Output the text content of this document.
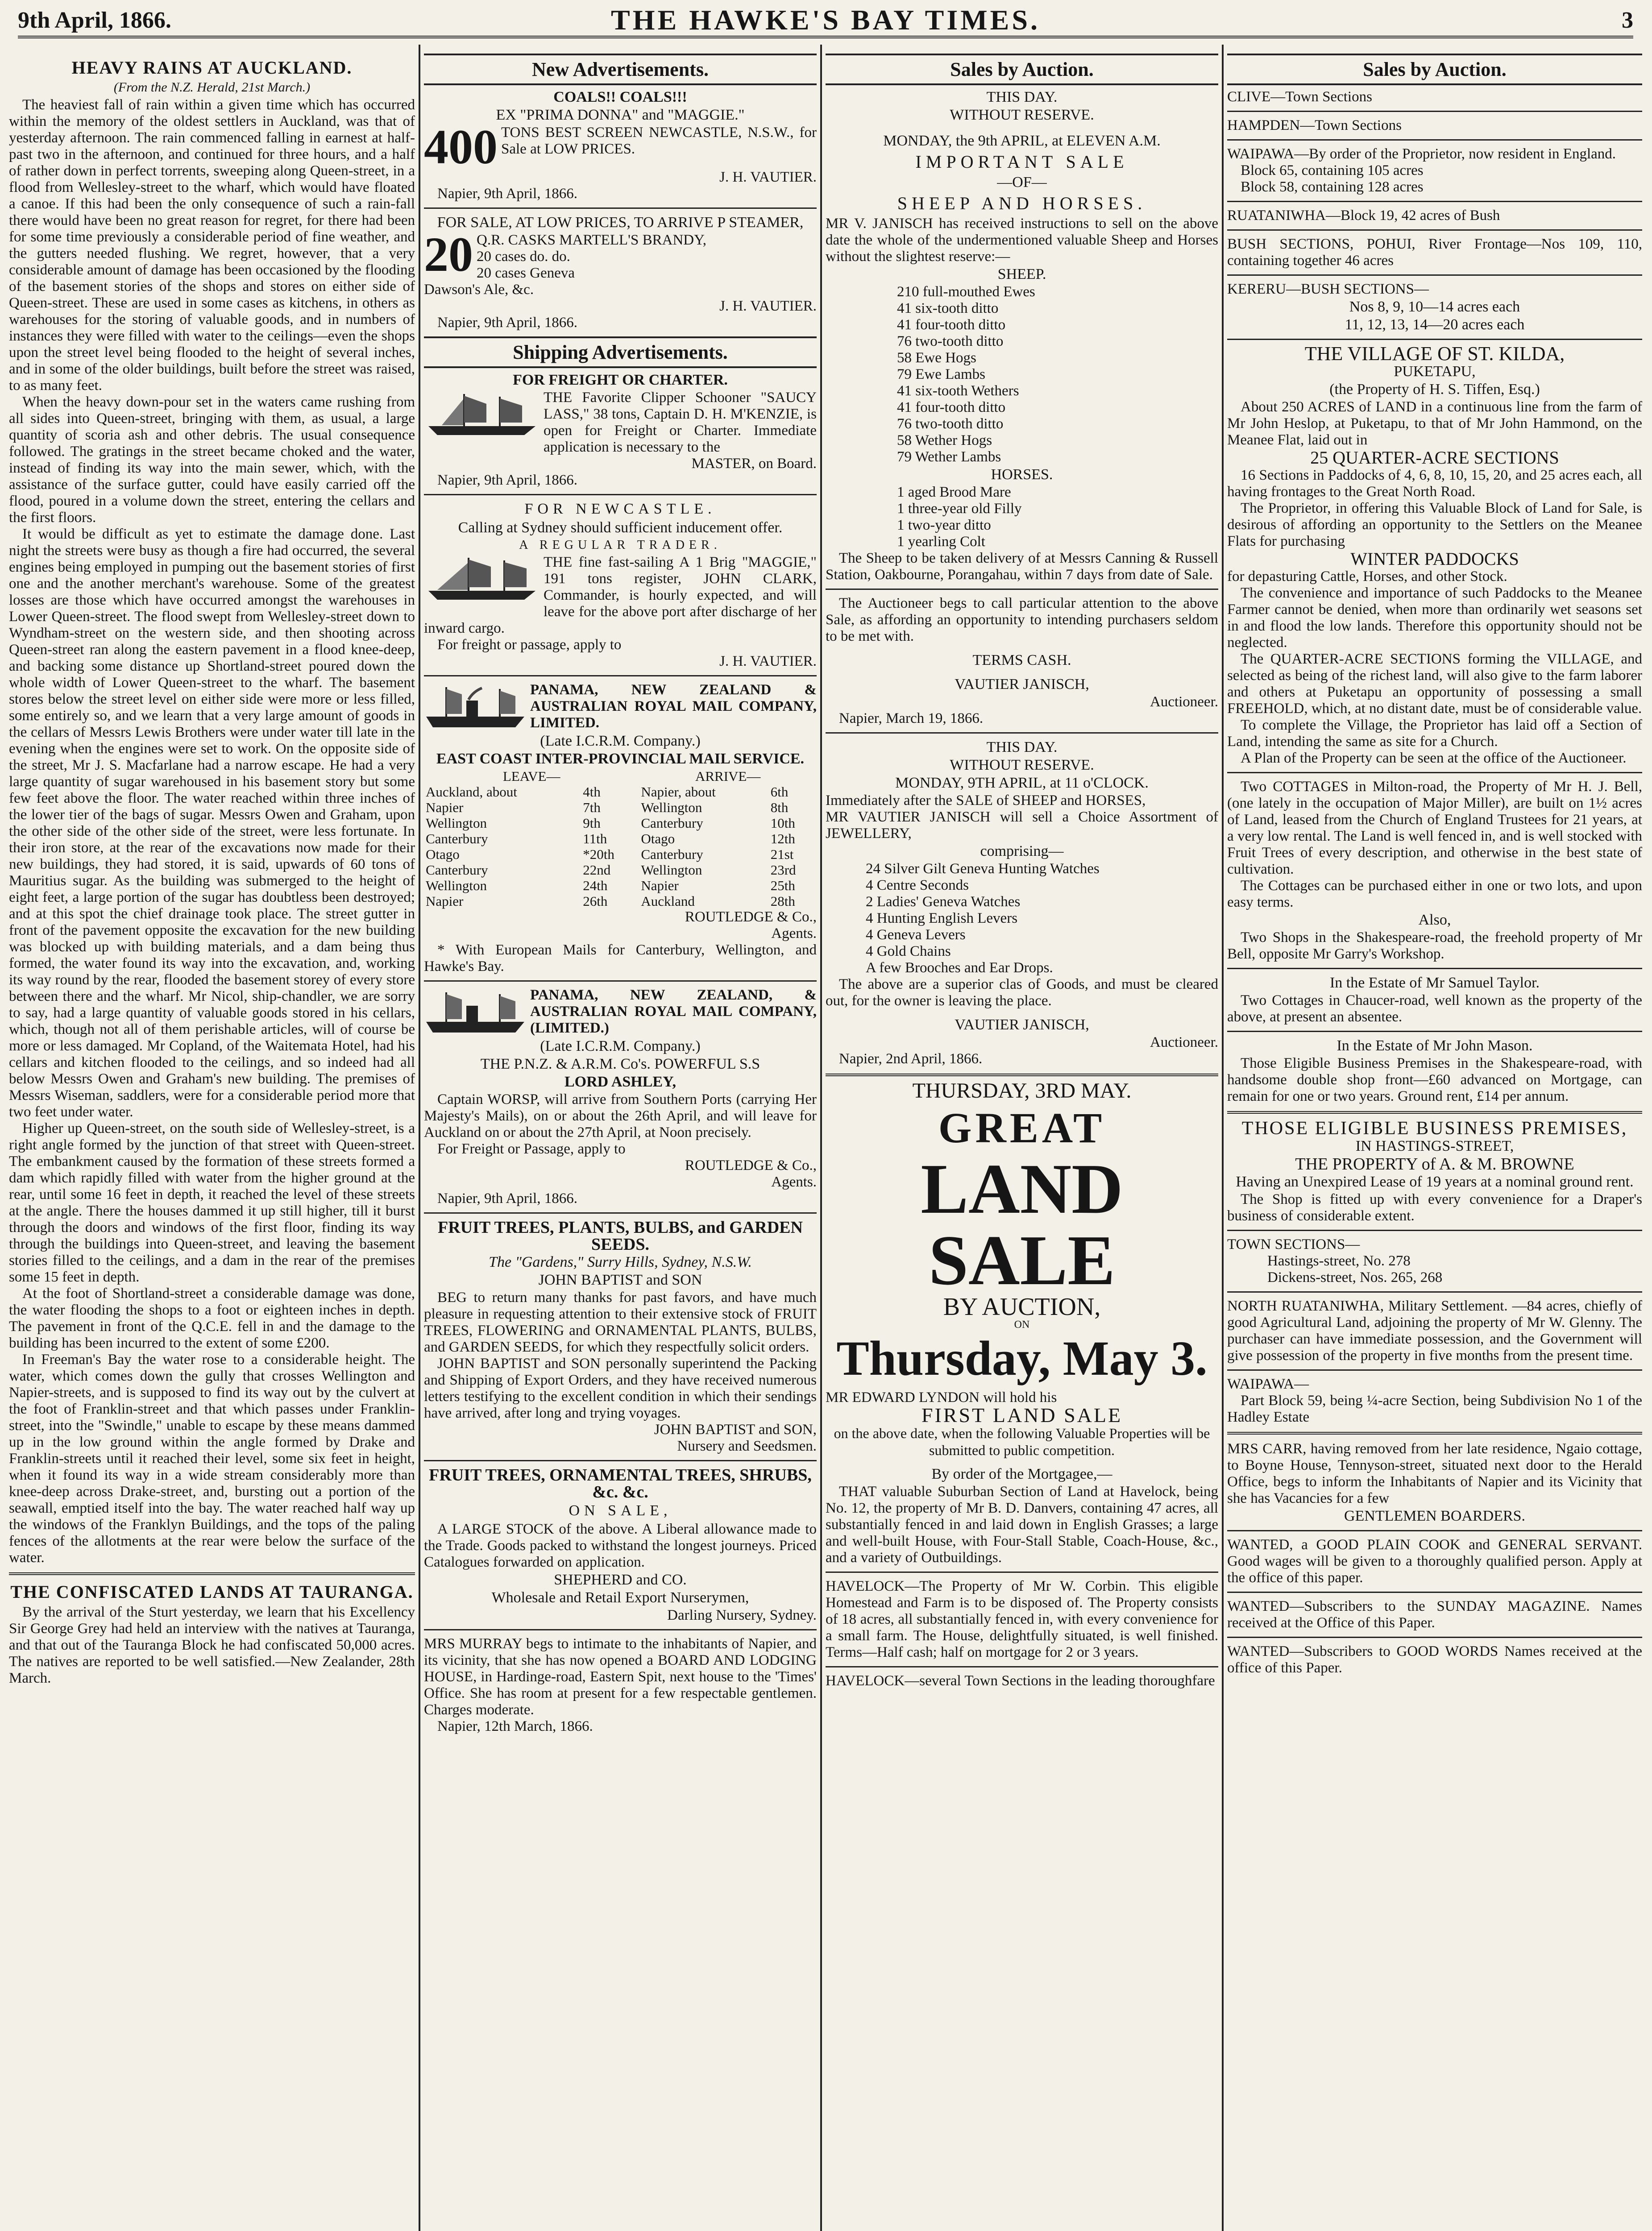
9th April, 1866.	THE HAWKE'S BAY TIMES.	3
HEAVY RAINS AT AUCKLAND.
(From the N.Z. Herald, 21st March.)

The heaviest fall of rain within a given time which has occurred within the memory of the oldest settlers in Auckland, was that of yesterday afternoon. The rain commenced falling in earnest at half-past two in the afternoon, and continued for three hours, and a half of rather down in perfect torrents, sweeping along Queen-street, in a flood from Wellesley-street to the wharf, which would have floated a canoe. If this had been the only consequence of such a rain-fall there would have been no great reason for regret, for there had been for some time previously a considerable period of fine weather, and the gutters needed flushing. We regret, however, that a very considerable amount of damage has been occasioned by the flooding of the basement stories of the shops and stores on either side of Queen-street. These are used in some cases as kitchens, in others as warehouses for the storing of valuable goods, and in numbers of instances they were filled with water to the ceilings—even the shops upon the street level being flooded to the height of several inches, and in some of the older buildings, built before the street was raised, to as many feet.

When the heavy down-pour set in the waters came rushing from all sides into Queen-street, bringing with them, as usual, a large quantity of scoria ash and other debris. The usual consequence followed. The gratings in the street became choked and the water, instead of finding its way into the main sewer, which, with the assistance of the surface gutter, could have easily carried off the flood, poured in a volume down the street, entering the cellars and the first floors.

It would be difficult as yet to estimate the damage done. Last night the streets were busy as though a fire had occurred, the several engines being employed in pumping out the basement stories of first one and the another merchant's warehouse. Some of the greatest losses are those which have occurred amongst the warehouses in Lower Queen-street. The flood swept from Wellesley-street down to Wyndham-street on the western side, and then shooting across Queen-street ran along the eastern pavement in a flood knee-deep, and backing some distance up Shortland-street poured down the whole width of Lower Queen-street to the wharf. The basement stores below the street level on either side were more or less filled, some entirely so, and we learn that a very large amount of goods in the cellars of Messrs Lewis Brothers were under water till late in the evening when the engines were set to work. On the opposite side of the street, Mr J. S. Macfarlane had a narrow escape. He had a very large quantity of sugar warehoused in his basement story but some few feet above the floor. The water reached within three inches of the lower tier of the bags of sugar. Messrs Owen and Graham, upon the other side of the other side of the street, were less fortunate. In their iron store, at the rear of the excavations now made for their new buildings, they had stored, it is said, upwards of 60 tons of Mauritius sugar. As the building was submerged to the height of eight feet, a large portion of the sugar has doubtless been destroyed; and at this spot the chief drainage took place. The street gutter in front of the pavement opposite the excavation for the new building was blocked up with building materials, and a dam being thus formed, the water found its way into the excavation, and, working its way round by the rear, flooded the basement storey of every store between there and the wharf. Mr Nicol, ship-chandler, we are sorry to say, had a large quantity of valuable goods stored in his cellars, which, though not all of them perishable articles, will of course be more or less damaged. Mr Copland, of the Waitemata Hotel, had his cellars and kitchen flooded to the ceilings, and so indeed had all below Messrs Owen and Graham's new building. The premises of Messrs Wiseman, saddlers, were for a considerable period more that two feet under water.

Higher up Queen-street, on the south side of Wellesley-street, is a right angle formed by the junction of that street with Queen-street. The embankment caused by the formation of these streets formed a dam which rapidly filled with water from the higher ground at the rear, until some 16 feet in depth, it reached the level of these streets at the angle. There the houses dammed it up still higher, till it burst through the doors and windows of the first floor, finding its way through the buildings into Queen-street, and leaving the basement stories filled to the ceilings, and a dam in the rear of the premises some 15 feet in depth.

At the foot of Shortland-street a considerable damage was done, the water flooding the shops to a foot or eighteen inches in depth. The pavement in front of the Q.C.E. fell in and the damage to the building has been incurred to the extent of some £200.

In Freeman's Bay the water rose to a considerable height. The water, which comes down the gully that crosses Wellington and Napier-streets, and is supposed to find its way out by the culvert at the foot of Franklin-street and that which passes under Franklin-street, into the "Swindle," unable to escape by these means dammed up in the low ground within the angle formed by Drake and Franklin-streets until it reached their level, some six feet in height, when it found its way in a wide stream considerably more than knee-deep across Drake-street, and, bursting out a portion of the seawall, emptied itself into the bay. The water reached half way up the windows of the Franklyn Buildings, and the tops of the paling fences of the allotments at the rear were below the surface of the water.

THE CONFISCATED LANDS AT TAURANGA.

By the arrival of the Sturt yesterday, we learn that his Excellency Sir George Grey had held an interview with the natives at Tauranga, and that out of the Tauranga Block he had confiscated 50,000 acres. The natives are reported to be well satisfied.—New Zealander, 28th March.

New Advertisements.

COALS!! COALS!!!

EX "PRIMA DONNA" and "MAGGIE."

400 TONS BEST SCREEN NEWCASTLE, N.S.W., for Sale at LOW PRICES.

J. H. VAUTIER.

Napier, 9th April, 1866.

FOR SALE, AT LOW PRICES, TO ARRIVE P STEAMER,

20 Q.R. CASKS MARTELL'S BRANDY,

20 cases do. do.

20 cases Geneva

Dawson's Ale, &c.

J. H. VAUTIER.

Napier, 9th April, 1866.

Shipping Advertisements.

FOR FREIGHT OR CHARTER.

THE Favorite Clipper Schooner "SAUCY LASS," 38 tons, Captain D. H. M'KENZIE, is open for Freight or Charter. Immediate application is necessary to the

MASTER, on Board.

Napier, 9th April, 1866.

FOR NEWCASTLE.

Calling at Sydney should sufficient inducement offer.

A REGULAR TRADER.

THE fine fast-sailing A 1 Brig "MAGGIE," 191 tons register, JOHN CLARK, Commander, is hourly expected, and will leave for the above port after discharge of her inward cargo.

For freight or passage, apply to

J. H. VAUTIER.

PANAMA, NEW ZEALAND & AUSTRALIAN ROYAL MAIL COMPANY, LIMITED.

(Late I.C.R.M. Company.)

EAST COAST INTER-PROVINCIAL MAIL SERVICE.

LEAVE—		ARRIVE—	
Auckland, about	4th	Napier, about	6th
Napier	7th	Wellington	8th
Wellington	9th	Canterbury	10th
Canterbury	11th	Otago	12th
Otago	*20th	Canterbury	21st
Canterbury	22nd	Wellington	23rd
Wellington	24th	Napier	25th
Napier	26th	Auckland	28th

ROUTLEDGE & Co.,

Agents.

* With European Mails for Canterbury, Wellington, and Hawke's Bay.

PANAMA, NEW ZEALAND, & AUSTRALIAN ROYAL MAIL COMPANY, (LIMITED.)

(Late I.C.R.M. Company.)

THE P.N.Z. & A.R.M. Co's. POWERFUL S.S

LORD ASHLEY,

Captain WORSP, will arrive from Southern Ports (carrying Her Majesty's Mails), on or about the 26th April, and will leave for Auckland on or about the 27th April, at Noon precisely.

For Freight or Passage, apply to

ROUTLEDGE & Co.,

Agents.

Napier, 9th April, 1866.

FRUIT TREES, PLANTS, BULBS, and GARDEN SEEDS.

The "Gardens," Surry Hills, Sydney, N.S.W.

JOHN BAPTIST and SON

BEG to return many thanks for past favors, and have much pleasure in requesting attention to their extensive stock of FRUIT TREES, FLOWERING and ORNAMENTAL PLANTS, BULBS, and GARDEN SEEDS, for which they respectfully solicit orders.

JOHN BAPTIST and SON personally superintend the Packing and Shipping of Export Orders, and they have received numerous letters testifying to the excellent condition in which their sendings have arrived, after long and trying voyages.

JOHN BAPTIST and SON,

Nursery and Seedsmen.

FRUIT TREES, ORNAMENTAL TREES, SHRUBS, &c. &c.

ON SALE,

A LARGE STOCK of the above. A Liberal allowance made to the Trade. Goods packed to withstand the longest journeys. Priced Catalogues forwarded on application.

SHEPHERD and CO.

Wholesale and Retail Export Nurserymen,

Darling Nursery, Sydney.

MRS MURRAY begs to intimate to the inhabitants of Napier, and its vicinity, that she has now opened a BOARD AND LODGING HOUSE, in Hardinge-road, Eastern Spit, next house to the 'Times' Office. She has room at present for a few respectable gentlemen. Charges moderate.

Napier, 12th March, 1866.

Sales by Auction.

THIS DAY.

WITHOUT RESERVE.

MONDAY, the 9th APRIL, at ELEVEN A.M.

IMPORTANT SALE

—OF—

SHEEP AND HORSES.

MR V. JANISCH has received instructions to sell on the above date the whole of the undermentioned valuable Sheep and Horses without the slightest reserve:—

SHEEP.

210 full-mouthed Ewes

41 six-tooth ditto

41 four-tooth ditto

76 two-tooth ditto

58 Ewe Hogs

79 Ewe Lambs

41 six-tooth Wethers

41 four-tooth ditto

76 two-tooth ditto

58 Wether Hogs

79 Wether Lambs

HORSES.

1 aged Brood Mare

1 three-year old Filly

1 two-year ditto

1 yearling Colt

The Sheep to be taken delivery of at Messrs Canning & Russell Station, Oakbourne, Porangahau, within 7 days from date of Sale.

The Auctioneer begs to call particular attention to the above Sale, as affording an opportunity to intending purchasers seldom to be met with.

TERMS CASH.

VAUTIER JANISCH,

Auctioneer.

Napier, March 19, 1866.

THIS DAY.

WITHOUT RESERVE.

MONDAY, 9TH APRIL, at 11 o'CLOCK.

Immediately after the SALE of SHEEP and HORSES,

MR VAUTIER JANISCH will sell a Choice Assortment of JEWELLERY,

comprising—

24 Silver Gilt Geneva Hunting Watches

4 Centre Seconds

2 Ladies' Geneva Watches

4 Hunting English Levers

4 Geneva Levers

4 Gold Chains

A few Brooches and Ear Drops.

The above are a superior clas of Goods, and must be cleared out, for the owner is leaving the place.

VAUTIER JANISCH,

Auctioneer.

Napier, 2nd April, 1866.

THURSDAY, 3RD MAY.

GREAT

LAND SALE

BY AUCTION,

ON

Thursday, May 3.

MR EDWARD LYNDON will hold his

FIRST LAND SALE

on the above date, when the following Valuable Properties will be submitted to public competition.

By order of the Mortgagee,—

THAT valuable Suburban Section of Land at Havelock, being No. 12, the property of Mr B. D. Danvers, containing 47 acres, all substantially fenced in and laid down in English Grasses; a large and well-built House, with Four-Stall Stable, Coach-House, &c., and a variety of Outbuildings.

HAVELOCK—The Property of Mr W. Corbin. This eligible Homestead and Farm is to be disposed of. The Property consists of 18 acres, all substantially fenced in, with every convenience for a small farm. The House, delightfully situated, is well finished. Terms—Half cash; half on mortgage for 2 or 3 years.

HAVELOCK—several Town Sections in the leading thoroughfare

Sales by Auction.

CLIVE—Town Sections

HAMPDEN—Town Sections

WAIPAWA—By order of the Proprietor, now resident in England.

Block 65, containing 105 acres

Block 58, containing 128 acres

RUATANIWHA—Block 19, 42 acres of Bush

BUSH SECTIONS, POHUI, River Frontage—Nos 109, 110, containing together 46 acres

KERERU—BUSH SECTIONS—

Nos 8, 9, 10—14 acres each

11, 12, 13, 14—20 acres each

THE VILLAGE OF ST. KILDA,

PUKETAPU,

(the Property of H. S. Tiffen, Esq.)

About 250 ACRES of LAND in a continuous line from the farm of Mr John Heslop, at Puketapu, to that of Mr John Hammond, on the Meanee Flat, laid out in

25 QUARTER-ACRE SECTIONS

16 Sections in Paddocks of 4, 6, 8, 10, 15, 20, and 25 acres each, all having frontages to the Great North Road.

The Proprietor, in offering this Valuable Block of Land for Sale, is desirous of affording an opportunity to the Settlers on the Meanee Flats for purchasing

WINTER PADDOCKS

for depasturing Cattle, Horses, and other Stock.

The convenience and importance of such Paddocks to the Meanee Farmer cannot be denied, when more than ordinarily wet seasons set in and flood the low lands. Therefore this opportunity should not be neglected.

The QUARTER-ACRE SECTIONS forming the VILLAGE, and selected as being of the richest land, will also give to the farm laborer and others at Puketapu an opportunity of possessing a small FREEHOLD, which, at no distant date, must be of considerable value.

To complete the Village, the Proprietor has laid off a Section of Land, intending the same as site for a Church.

A Plan of the Property can be seen at the office of the Auctioneer.

Two COTTAGES in Milton-road, the Property of Mr H. J. Bell, (one lately in the occupation of Major Miller), are built on 1½ acres of Land, leased from the Church of England Trustees for 21 years, at a very low rental. The Land is well fenced in, and is well stocked with Fruit Trees of every description, and otherwise in the best state of cultivation.

The Cottages can be purchased either in one or two lots, and upon easy terms.

Also,

Two Shops in the Shakespeare-road, the freehold property of Mr Bell, opposite Mr Garry's Workshop.

In the Estate of Mr Samuel Taylor.

Two Cottages in Chaucer-road, well known as the property of the above, at present an absentee.

In the Estate of Mr John Mason.

Those Eligible Business Premises in the Shakespeare-road, with handsome double shop front—£60 advanced on Mortgage, can remain for one or two years. Ground rent, £14 per annum.

THOSE ELIGIBLE BUSINESS PREMISES,

IN HASTINGS-STREET,

THE PROPERTY of A. & M. BROWNE

Having an Unexpired Lease of 19 years at a nominal ground rent.

The Shop is fitted up with every convenience for a Draper's business of considerable extent.

TOWN SECTIONS—

Hastings-street, No. 278

Dickens-street, Nos. 265, 268

NORTH RUATANIWHA, Military Settlement. —84 acres, chiefly of good Agricultural Land, adjoining the property of Mr W. Glenny. The purchaser can have immediate possession, and the Government will give possession of the property in five months from the present time.

WAIPAWA—

Part Block 59, being ¼-acre Section, being Subdivision No 1 of the Hadley Estate

MRS CARR, having removed from her late residence, Ngaio cottage, to Boyne House, Tennyson-street, situated next door to the Herald Office, begs to inform the Inhabitants of Napier and its Vicinity that she has Vacancies for a few

GENTLEMEN BOARDERS.

WANTED, a GOOD PLAIN COOK and GENERAL SERVANT. Good wages will be given to a thoroughly qualified person. Apply at the office of this paper.

WANTED—Subscribers to the SUNDAY MAGAZINE. Names received at the Office of this Paper.

WANTED—Subscribers to GOOD WORDS Names received at the office of this Paper.
